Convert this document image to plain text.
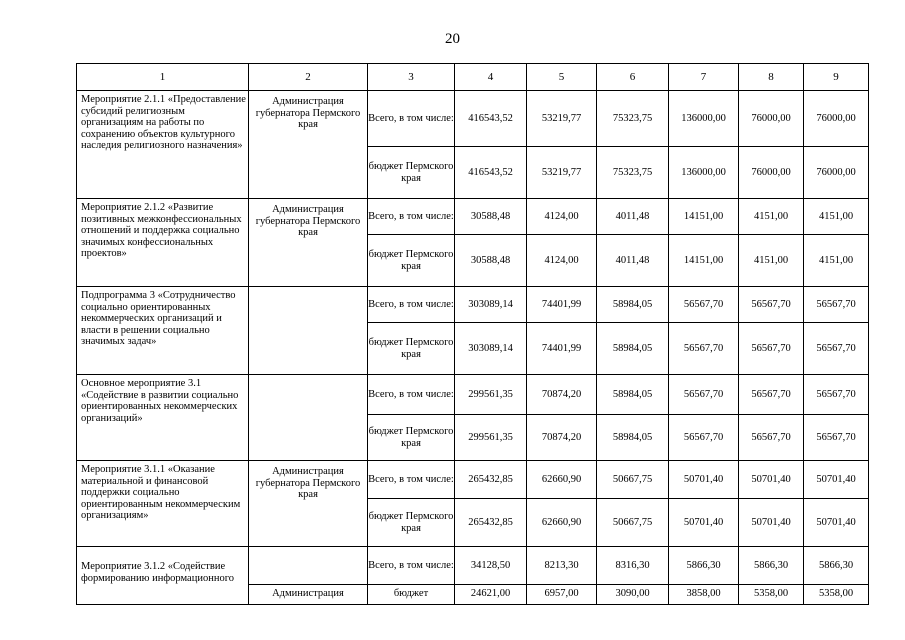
20
1	2	3	4	5	6	7	8	9
Мероприятие 2.1.1 «Предоставление субсидий религиозным организациям на работы по сохранению объектов культурного наследия религиозного назначения»	Администрация губернатора Пермского края	Всего, в том числе:	416543,52	53219,77	75323,75	136000,00	76000,00	76000,00
		бюджет Пермского края	416543,52	53219,77	75323,75	136000,00	76000,00	76000,00
Мероприятие 2.1.2 «Развитие позитивных межконфессиональных отношений и поддержка социально значимых конфессиональных проектов»	Администрация губернатора Пермского края	Всего, в том числе:	30588,48	4124,00	4011,48	14151,00	4151,00	4151,00
		бюджет Пермского края	30588,48	4124,00	4011,48	14151,00	4151,00	4151,00
Подпрограмма 3 «Сотрудничество социально ориентированных некоммерческих организаций и власти в решении социально значимых задач»		Всего, в том числе:	303089,14	74401,99	58984,05	56567,70	56567,70	56567,70
		бюджет Пермского края	303089,14	74401,99	58984,05	56567,70	56567,70	56567,70
Основное мероприятие 3.1 «Содействие в развитии социально ориентированных некоммерческих организаций»		Всего, в том числе:	299561,35	70874,20	58984,05	56567,70	56567,70	56567,70
		бюджет Пермского края	299561,35	70874,20	58984,05	56567,70	56567,70	56567,70
Мероприятие 3.1.1 «Оказание материальной и финансовой поддержки социально ориентированным некоммерческим организациям»	Администрация губернатора Пермского края	Всего, в том числе:	265432,85	62660,90	50667,75	50701,40	50701,40	50701,40
		бюджет Пермского края	265432,85	62660,90	50667,75	50701,40	50701,40	50701,40
Мероприятие 3.1.2 «Содействие формированию информационного		Всего, в том числе:	34128,50	8213,30	8316,30	5866,30	5866,30	5866,30
	Администрация	бюджет	24621,00	6957,00	3090,00	3858,00	5358,00	5358,00
